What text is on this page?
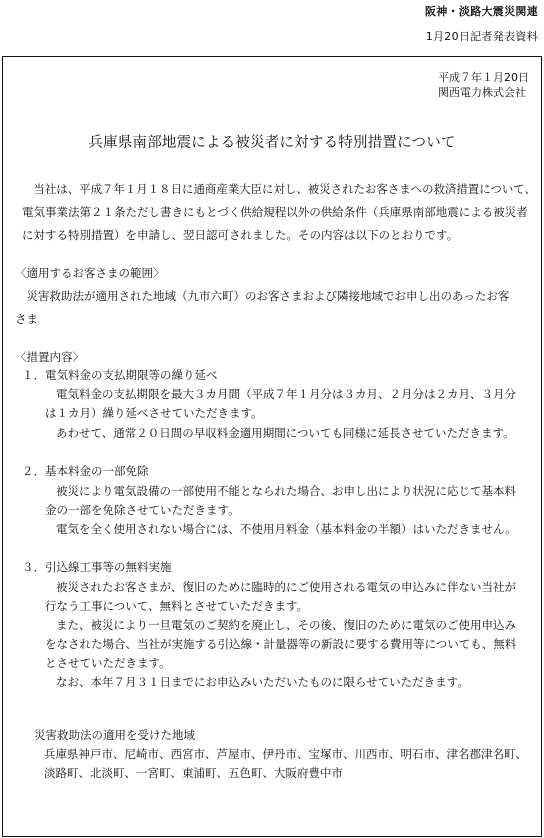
阪神・淡路大震災関連
1月20日記者発表資料
平成７年１月20日
関西電力株式会社
兵庫県南部地震による被災者に対する特別措置について
　当社は、平成７年１月１８日に通商産業大臣に対し、被災されたお客さまへの救済措置について、
電気事業法第２１条ただし書きにもとづく供給規程以外の供給条件（兵庫県南部地震による被災者
に対する特別措置）を申請し、翌日認可されました。その内容は以下のとおりです。
〈適用するお客さまの範囲〉
　災害救助法が適用された地域（九市六町）のお客さまおよび隣接地域でお申し出のあったお客
さま
〈措置内容〉
１．電気料金の支払期限等の繰り延べ
電気料金の支払期限を最大３カ月間（平成７年１月分は３カ月、２月分は２カ月、３月分
は１カ月）繰り延べさせていただきます。
あわせて、通常２０日間の早収料金適用期間についても同様に延長させていただきます。
２．基本料金の一部免除
被災により電気設備の一部使用不能となられた場合、お申し出により状況に応じて基本料
金の一部を免除させていただきます。
電気を全く使用されない場合には、不使用月料金（基本料金の半額）はいただきません。
３．引込線工事等の無料実施
被災されたお客さまが、復旧のために臨時的にご使用される電気の申込みに伴ない当社が
行なう工事について、無料とさせていただきます。
また、被災により一旦電気のご契約を廃止し、その後、復旧のために電気のご使用申込み
をなされた場合、当社が実施する引込線・計量器等の新設に要する費用等についても、無料
とさせていただきます。
なお、本年７月３１日までにお申込みいただいたものに限らせていただきます。
災害救助法の適用を受けた地域
兵庫県神戸市、尼崎市、西宮市、芦屋市、伊丹市、宝塚市、川西市、明石市、津名郡津名町、
淡路町、北淡町、一宮町、東浦町、五色町、大阪府豊中市
